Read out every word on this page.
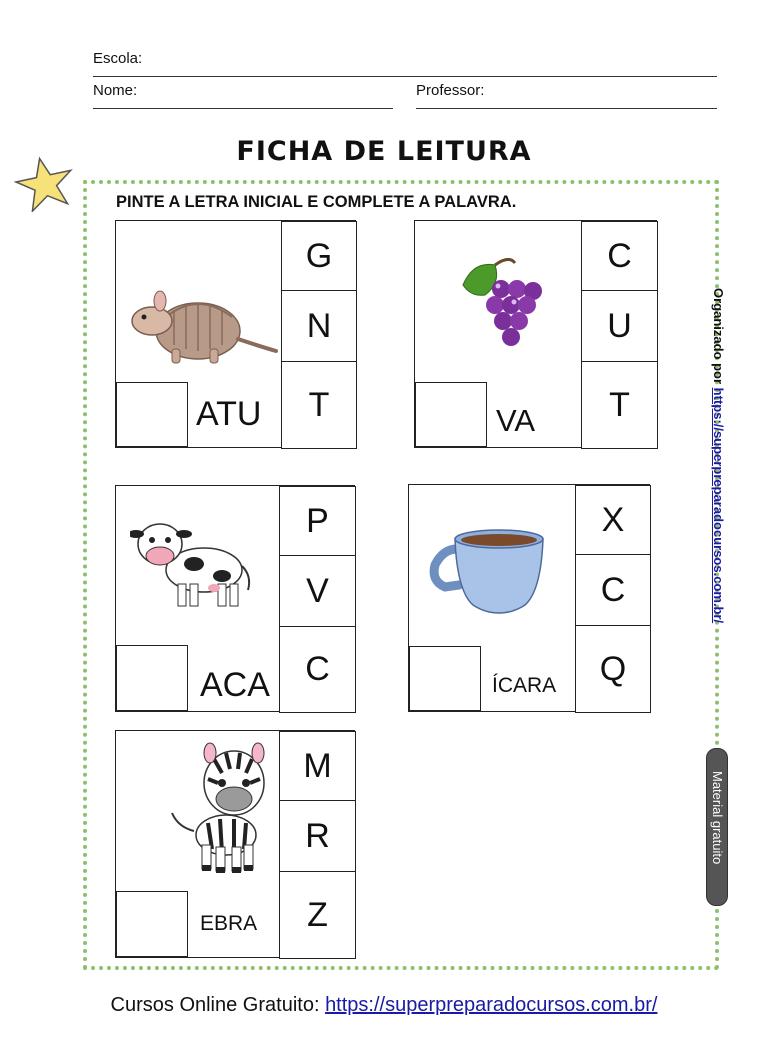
Escola:
Nome:	Professor:
FICHA DE LEITURA
PINTE A LETRA INICIAL E COMPLETE A PALAVRA.
ATU
G
N
T	VA
C
U
T
ACA
P
V
C	ÍCARA
X
C
Q
EBRA
M
R
Z
Organizado por https://superpreparadocursos.com.br/
Material gratuito
Cursos Online Gratuito: https://superpreparadocursos.com.br/
